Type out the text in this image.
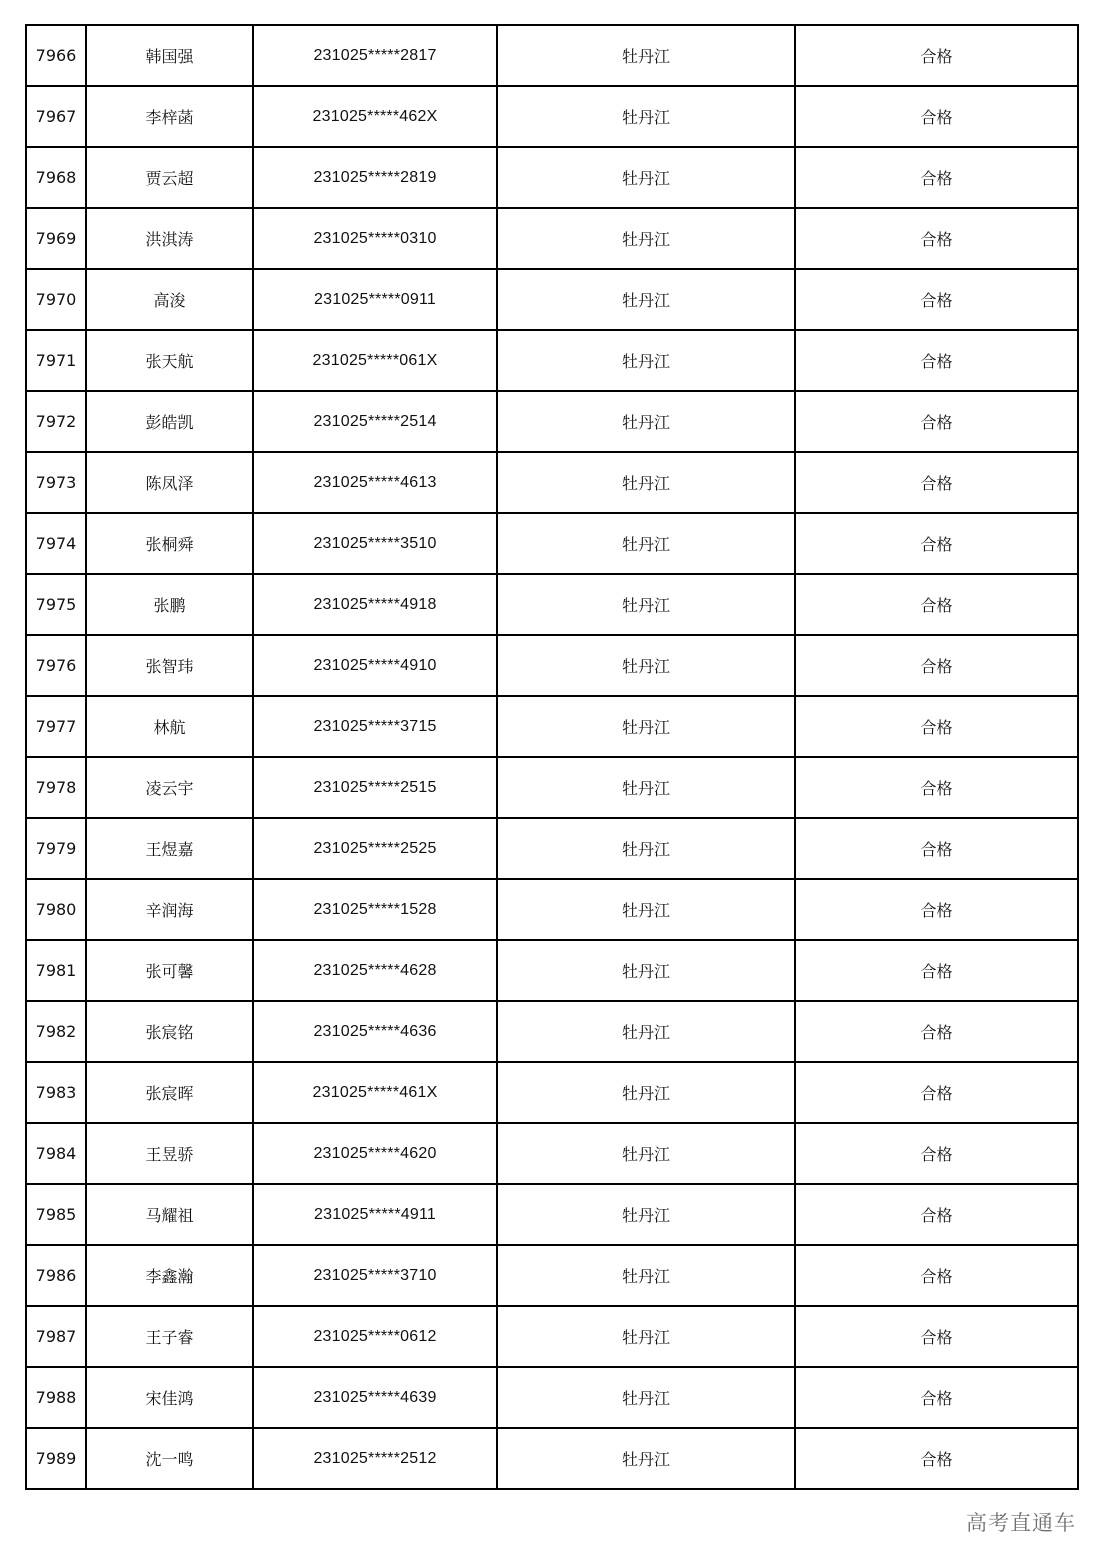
7966	韩国强	231025*****2817	牡丹江	合格
7967	李梓菡	231025*****462X	牡丹江	合格
7968	贾云超	231025*****2819	牡丹江	合格
7969	洪淇涛	231025*****0310	牡丹江	合格
7970	高浚	231025*****0911	牡丹江	合格
7971	张天航	231025*****061X	牡丹江	合格
7972	彭皓凯	231025*****2514	牡丹江	合格
7973	陈凤泽	231025*****4613	牡丹江	合格
7974	张桐舜	231025*****3510	牡丹江	合格
7975	张鹏	231025*****4918	牡丹江	合格
7976	张智玮	231025*****4910	牡丹江	合格
7977	林航	231025*****3715	牡丹江	合格
7978	凌云宇	231025*****2515	牡丹江	合格
7979	王煜嘉	231025*****2525	牡丹江	合格
7980	辛润海	231025*****1528	牡丹江	合格
7981	张可馨	231025*****4628	牡丹江	合格
7982	张宸铭	231025*****4636	牡丹江	合格
7983	张宸晖	231025*****461X	牡丹江	合格
7984	王昱骄	231025*****4620	牡丹江	合格
7985	马耀祖	231025*****4911	牡丹江	合格
7986	李鑫瀚	231025*****3710	牡丹江	合格
7987	王子睿	231025*****0612	牡丹江	合格
7988	宋佳鸿	231025*****4639	牡丹江	合格
7989	沈一鸣	231025*****2512	牡丹江	合格
高考直通车
